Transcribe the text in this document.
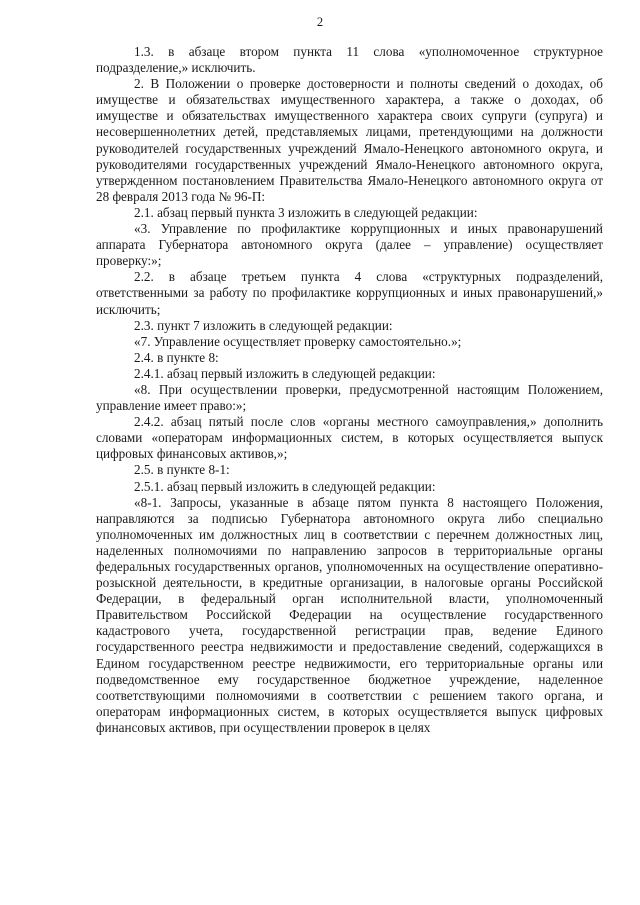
2

1.3. в абзаце втором пункта 11 слова «уполномоченное структурное подразделение,» исключить.

2. В Положении о проверке достоверности и полноты сведений о доходах, об имуществе и обязательствах имущественного характера, а также о доходах, об имуществе и обязательствах имущественного характера своих супруги (супруга) и несовершеннолетних детей, представляемых лицами, претендующими на должности руководителей государственных учреждений Ямало-Ненецкого автономного округа, и руководителями государственных учреждений Ямало-Ненецкого автономного округа, утвержденном постановлением Правительства Ямало-Ненецкого автономного округа от 28 февраля 2013 года № 96-П:

2.1. абзац первый пункта 3 изложить в следующей редакции:

«3. Управление по профилактике коррупционных и иных правонарушений аппарата Губернатора автономного округа (далее – управление) осуществляет проверку:»;

2.2. в абзаце третьем пункта 4 слова «структурных подразделений, ответственными за работу по профилактике коррупционных и иных правонарушений,» исключить;

2.3. пункт 7 изложить в следующей редакции:

«7. Управление осуществляет проверку самостоятельно.»;

2.4. в пункте 8:

2.4.1. абзац первый изложить в следующей редакции:

«8. При осуществлении проверки, предусмотренной настоящим Положением, управление имеет право:»;

2.4.2. абзац пятый после слов «органы местного самоуправления,» дополнить словами «операторам информационных систем, в которых осуществляется выпуск цифровых финансовых активов,»;

2.5. в пункте 8-1:

2.5.1. абзац первый изложить в следующей редакции:

«8-1. Запросы, указанные в абзаце пятом пункта 8 настоящего Положения, направляются за подписью Губернатора автономного округа либо специально уполномоченных им должностных лиц в соответствии с перечнем должностных лиц, наделенных полномочиями по направлению запросов в территориальные органы федеральных государственных органов, уполномоченных на осуществление оперативно-розыскной деятельности, в кредитные организации, в налоговые органы Российской Федерации, в федеральный орган исполнительной власти, уполномоченный Правительством Российской Федерации на осуществление государственного кадастрового учета, государственной регистрации прав, ведение Единого государственного реестра недвижимости и предоставление сведений, содержащихся в Едином государственном реестре недвижимости, его территориальные органы или подведомственное ему государственное бюджетное учреждение, наделенное соответствующими полномочиями в соответствии с решением такого органа, и операторам информационных систем, в которых осуществляется выпуск цифровых финансовых активов, при осуществлении проверок в целях
